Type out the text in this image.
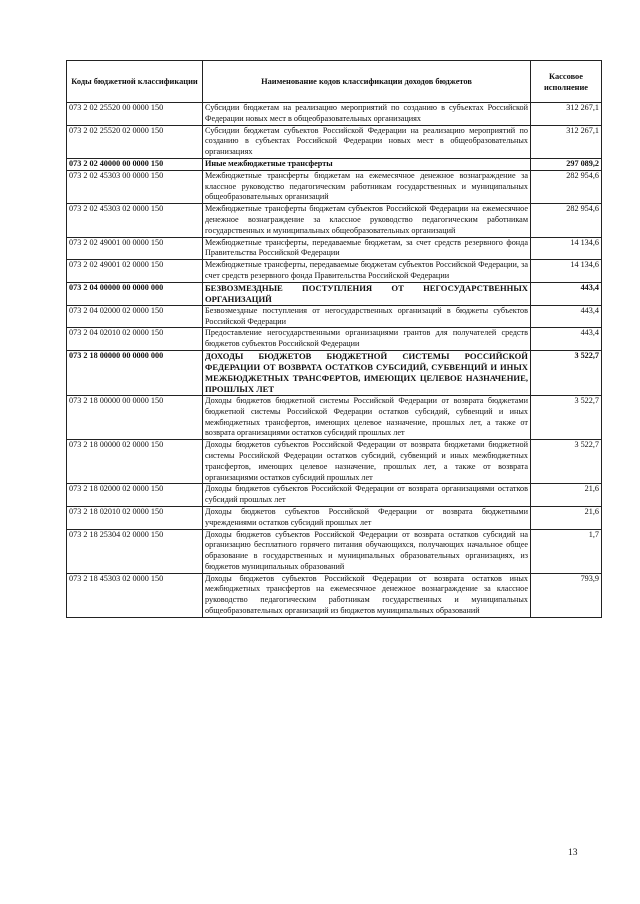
Коды бюджетной классификации	Наименование кодов классификации доходов бюджетов	Кассовое исполнение
073 2 02 25520 00 0000 150	Субсидии бюджетам на реализацию мероприятий по созданию в субъектах Российской Федерации новых мест в общеобразовательных организациях	312 267,1
073 2 02 25520 02 0000 150	Субсидии бюджетам субъектов Российской Федерации на реализацию мероприятий по созданию в субъектах Российской Федерации новых мест в общеобразовательных организациях	312 267,1
073 2 02 40000 00 0000 150	Иные межбюджетные трансферты	297 089,2
073 2 02 45303 00 0000 150	Межбюджетные трансферты бюджетам на ежемесячное денежное вознаграждение за классное руководство педагогическим работникам государственных и муниципальных общеобразовательных организаций	282 954,6
073 2 02 45303 02 0000 150	Межбюджетные трансферты бюджетам субъектов Российской Федерации на ежемесячное денежное вознаграждение за классное руководство педагогическим работникам государственных и муниципальных общеобразовательных организаций	282 954,6
073 2 02 49001 00 0000 150	Межбюджетные трансферты, передаваемые бюджетам, за счет средств резервного фонда Правительства Российской Федерации	14 134,6
073 2 02 49001 02 0000 150	Межбюджетные трансферты, передаваемые бюджетам субъектов Российской Федерации, за счет средств резервного фонда Правительства Российской Федерации	14 134,6
073 2 04 00000 00 0000 000	БЕЗВОЗМЕЗДНЫЕ ПОСТУПЛЕНИЯ ОТ НЕГОСУДАРСТВЕННЫХ ОРГАНИЗАЦИЙ	443,4
073 2 04 02000 02 0000 150	Безвозмездные поступления от негосударственных организаций в бюджеты субъектов Российской Федерации	443,4
073 2 04 02010 02 0000 150	Предоставление негосударственными организациями грантов для получателей средств бюджетов субъектов Российской Федерации	443,4
073 2 18 00000 00 0000 000	ДОХОДЫ БЮДЖЕТОВ БЮДЖЕТНОЙ СИСТЕМЫ РОССИЙСКОЙ ФЕДЕРАЦИИ ОТ ВОЗВРАТА ОСТАТКОВ СУБСИДИЙ, СУБВЕНЦИЙ И ИНЫХ МЕЖБЮДЖЕТНЫХ ТРАНСФЕРТОВ, ИМЕЮЩИХ ЦЕЛЕВОЕ НАЗНАЧЕНИЕ, ПРОШЛЫХ ЛЕТ	3 522,7
073 2 18 00000 00 0000 150	Доходы бюджетов бюджетной системы Российской Федерации от возврата бюджетами бюджетной системы Российской Федерации остатков субсидий, субвенций и иных межбюджетных трансфертов, имеющих целевое назначение, прошлых лет, а также от возврата организациями остатков субсидий прошлых лет	3 522,7
073 2 18 00000 02 0000 150	Доходы бюджетов субъектов Российской Федерации от возврата бюджетами бюджетной системы Российской Федерации остатков субсидий, субвенций и иных межбюджетных трансфертов, имеющих целевое назначение, прошлых лет, а также от возврата организациями остатков субсидий прошлых лет	3 522,7
073 2 18 02000 02 0000 150	Доходы бюджетов субъектов Российской Федерации от возврата организациями остатков субсидий прошлых лет	21,6
073 2 18 02010 02 0000 150	Доходы бюджетов субъектов Российской Федерации от возврата бюджетными учреждениями остатков субсидий прошлых лет	21,6
073 2 18 25304 02 0000 150	Доходы бюджетов субъектов Российской Федерации от возврата остатков субсидий на организацию бесплатного горячего питания обучающихся, получающих начальное общее образование в государственных и муниципальных образовательных организациях, из бюджетов муниципальных образований	1,7
073 2 18 45303 02 0000 150	Доходы бюджетов субъектов Российской Федерации от возврата остатков иных межбюджетных трансфертов на ежемесячное денежное вознаграждение за классное руководство педагогическим работникам государственных и муниципальных общеобразовательных организаций из бюджетов муниципальных образований	793,9
13
